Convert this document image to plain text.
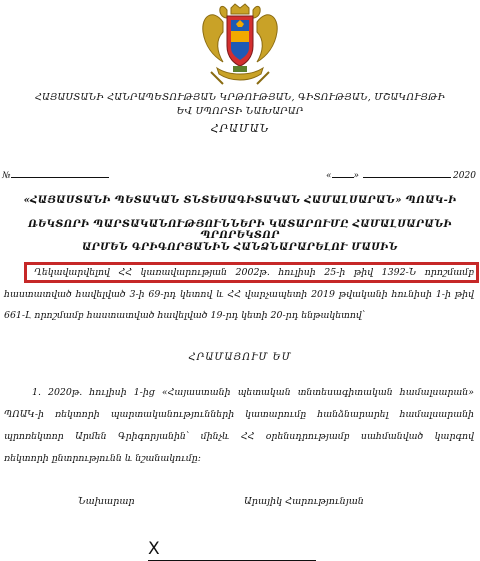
ՀԱՅԱՍՏԱՆԻ ՀԱՆՐԱՊԵՏՈՒԹՅԱՆ ԿՐԹՈՒԹՅԱՆ, ԳԻՏՈՒԹՅԱՆ, ՄՇԱԿՈՒՅԹԻ
ԵՎ ՍՊՈՐՏԻ ՆԱԽԱՐԱՐ
ՀՐԱՄԱՆ
№	« »	2020
«ՀԱՅԱՍՏԱՆԻ ՊԵՏԱԿԱՆ ՏՆՏԵՍԱԳԻՏԱԿԱՆ ՀԱՄԱԼՍԱՐԱՆ» ՊՈԱԿ-Ի
ՌԵԿՏՈՐԻ ՊԱՐՏԱԿԱՆՈՒԹՅՈՒՆՆԵՐԻ ԿԱՏԱՐՈՒՄԸ ՀԱՄԱԼՍԱՐԱՆԻ ՊՐՈՐԵԿՏՈՐ
ԱՐՄԵՆ ԳՐԻԳՈՐՅԱՆԻՆ ՀԱՆՁՆԱՐԱՐԵԼՈՒ ՄԱՍԻՆ
Ղեկավարվելով ՀՀ կառավարության 2002թ. հուլիսի 25-ի թիվ 1392-Ն որոշմամբ
հաստատված հավելված 3-ի 69-րդ կետով և ՀՀ վարչապետի 2019 թվականի հունիսի 1-ի թիվ
661-Լ որոշմամբ հաստատված հավելված 19-րդ կետի 20-րդ ենթակետով՝
ՀՐԱՄԱՅՈՒՄ ԵՄ
1. 2020թ. հուլիսի 1-ից «Հայաստանի պետական տնտեսագիտական համալսարան»
ՊՈԱԿ-ի ռեկտորի պարտականությունների կատարումը հանձնարարել համալսարանի
պրոռեկտոր Արմեն Գրիգորյանին՝ մինչև ՀՀ օրենսդրությամբ սահմանված կարգով
ռեկտորի ընտրությունն և նշանակումը:
Նախարար	Արայիկ Հարությունյան
X
